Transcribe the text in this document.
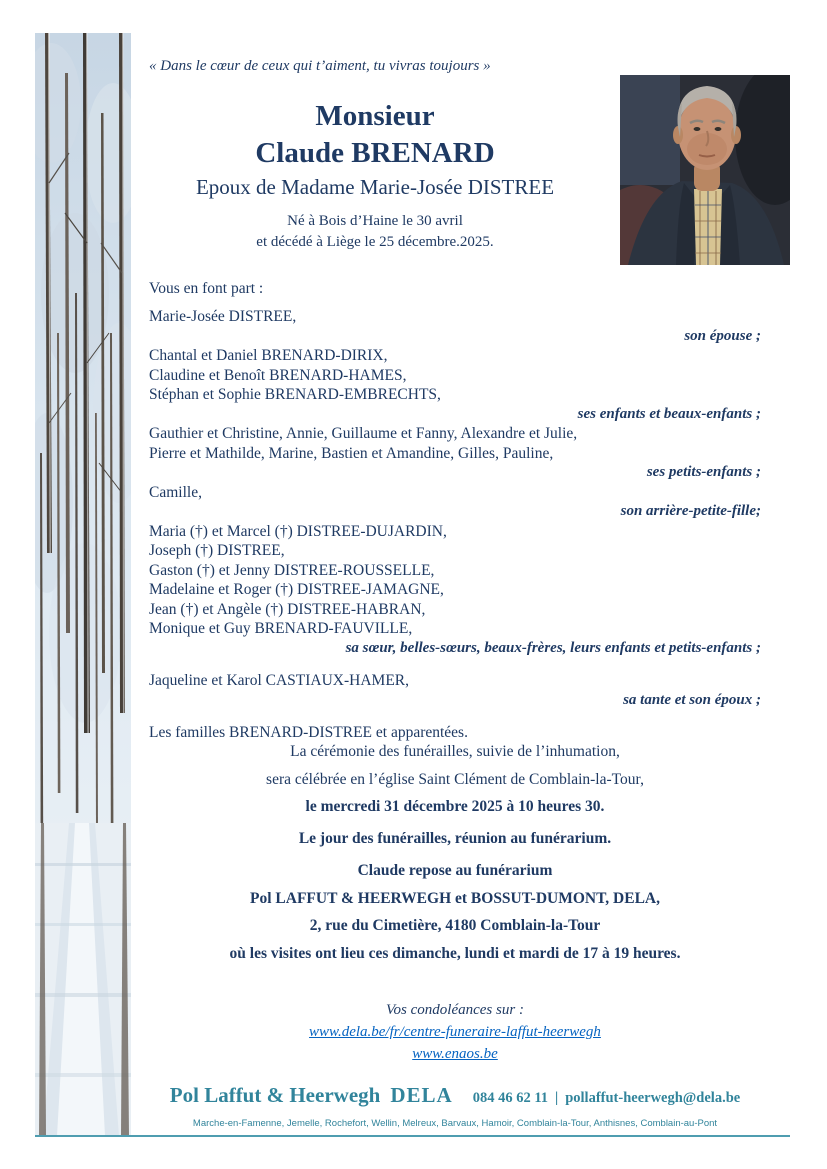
« Dans le cœur de ceux qui t’aiment, tu vivras toujours »
Monsieur
Claude BRENARD
Epoux de Madame Marie-Josée DISTREE
Né à Bois d’Haine le 30 avril
et décédé à Liège le 25 décembre.2025.
Vous en font part :
Marie-Josée DISTREE,
son épouse ;
Chantal et Daniel BRENARD-DIRIX,
Claudine et Benoît BRENARD-HAMES,
Stéphan et Sophie BRENARD-EMBRECHTS,
ses enfants et beaux-enfants ;
Gauthier et Christine, Annie, Guillaume et Fanny, Alexandre et Julie,
Pierre et Mathilde, Marine, Bastien et Amandine, Gilles, Pauline,
ses petits-enfants ;
Camille,
son arrière-petite-fille;
Maria (†) et Marcel (†) DISTREE-DUJARDIN,
Joseph (†) DISTREE,
Gaston (†) et Jenny DISTREE-ROUSSELLE,
Madelaine et Roger (†) DISTREE-JAMAGNE,
Jean (†) et Angèle (†) DISTREE-HABRAN,
Monique et Guy BRENARD-FAUVILLE,
sa sœur, belles-sœurs, beaux-frères, leurs enfants et petits-enfants ;
Jaqueline et Karol CASTIAUX-HAMER,
sa tante et son époux ;
Les familles BRENARD-DISTREE et apparentées.

La cérémonie des funérailles, suivie de l’inhumation,

sera célébrée en l’église Saint Clément de Comblain-la-Tour,

le mercredi 31 décembre 2025 à 10 heures 30.

Le jour des funérailles, réunion au funérarium.

Claude repose au funérarium

Pol LAFFUT & HEERWEGH et BOSSUT-DUMONT, DELA,

2, rue du Cimetière, 4180 Comblain-la-Tour

où les visites ont lieu ces dimanche, lundi et mardi de 17 à 19 heures.

Vos condoléances sur :
www.dela.be/fr/centre-funeraire-laffut-heerwegh
www.enaos.be
Pol Laffut & Heerwegh DELA 084 46 62 11 | pollaffut-heerwegh@dela.be
Marche-en-Famenne, Jemelle, Rochefort, Wellin, Melreux, Barvaux, Hamoir, Comblain-la-Tour, Anthisnes, Comblain-au-Pont
